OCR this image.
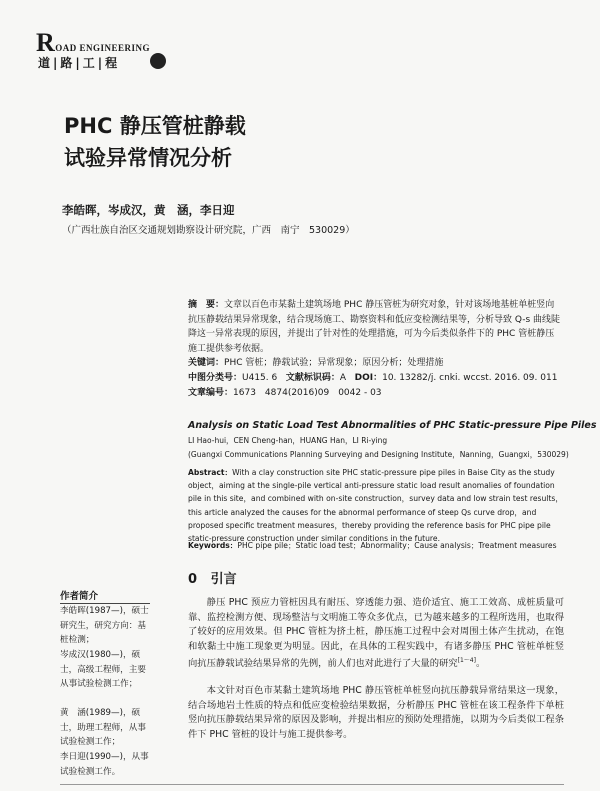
ROAD ENGINEERING
道|路|工|程
PHC 静压管桩静载
试验异常情况分析
李皓晖，岑成汉，黄　涵，李日迎
（广西壮族自治区交通规划勘察设计研究院，广西　南宁　530029）
摘　要：文章以百色市某黏土建筑场地 PHC 静压管桩为研究对象，针对该场地基桩单桩竖向抗压静载结果异常现象，结合现场施工、勘察资料和低应变检测结果等，分析导致 Q-s 曲线陡降这一异常表现的原因，并提出了针对性的处理措施，可为今后类似条件下的 PHC 管桩静压施工提供参考依据。
关键词：PHC 管桩；静载试验；异常现象；原因分析；处理措施
中图分类号：U415. 6 文献标识码：A DOI：10. 13282/j. cnki. wccst. 2016. 09. 011
文章编号：1673　4874(2016)09　0042 - 03
Analysis on Static Load Test Abnormalities of PHC Static-pressure Pipe Piles
LI Hao-hui，CEN Cheng-han，HUANG Han，LI Ri-ying
(Guangxi Communications Planning Surveying and Designing Institute，Nanning，Guangxi，530029)
Abstract：With a clay construction site PHC static-pressure pipe piles in Baise City as the study object，aiming at the single-pile vertical anti-pressure static load result anomalies of foundation pile in this site，and combined with on-site construction，survey data and low strain test results，this article analyzed the causes for the abnormal performance of steep Qs curve drop，and proposed specific treatment measures，thereby providing the reference basis for PHC pipe pile static-pressure construction under similar conditions in the future.
Keywords：PHC pipe pile；Static load test；Abnormality；Cause analysis；Treatment measures
0 引言
静压 PHC 预应力管桩因具有耐压、穿透能力强、造价适宜、施工工效高、成桩质量可靠、监控检测方便、现场整洁与文明施工等众多优点，已为越来越多的工程所选用，也取得了较好的应用效果。但 PHC 管桩为挤土桩，静压施工过程中会对周围土体产生扰动，在饱和软黏土中施工现象更为明显。因此，在具体的工程实践中，有诸多静压 PHC 管桩单桩竖向抗压静载试验结果异常的先例，前人们也对此进行了大量的研究[1～4]。
本文针对百色市某黏土建筑场地 PHC 静压管桩单桩竖向抗压静载异常结果这一现象，结合场地岩土性质的特点和低应变检验结果数据，分析静压 PHC 管桩在该工程条件下单桩竖向抗压静载结果异常的原因及影响，并提出相应的预防处理措施，以期为今后类似工程条件下 PHC 管桩的设计与施工提供参考。
作者简介
李皓晖(1987—)，硕士研究生，研究方向：基桩检测；
岑成汉(1980—)，硕士，高级工程师，主要从事试验检测工作；
黄　涵(1989—)，硕士，助理工程师，从事试验检测工作；
李日迎(1990—)，从事试验检测工作。
